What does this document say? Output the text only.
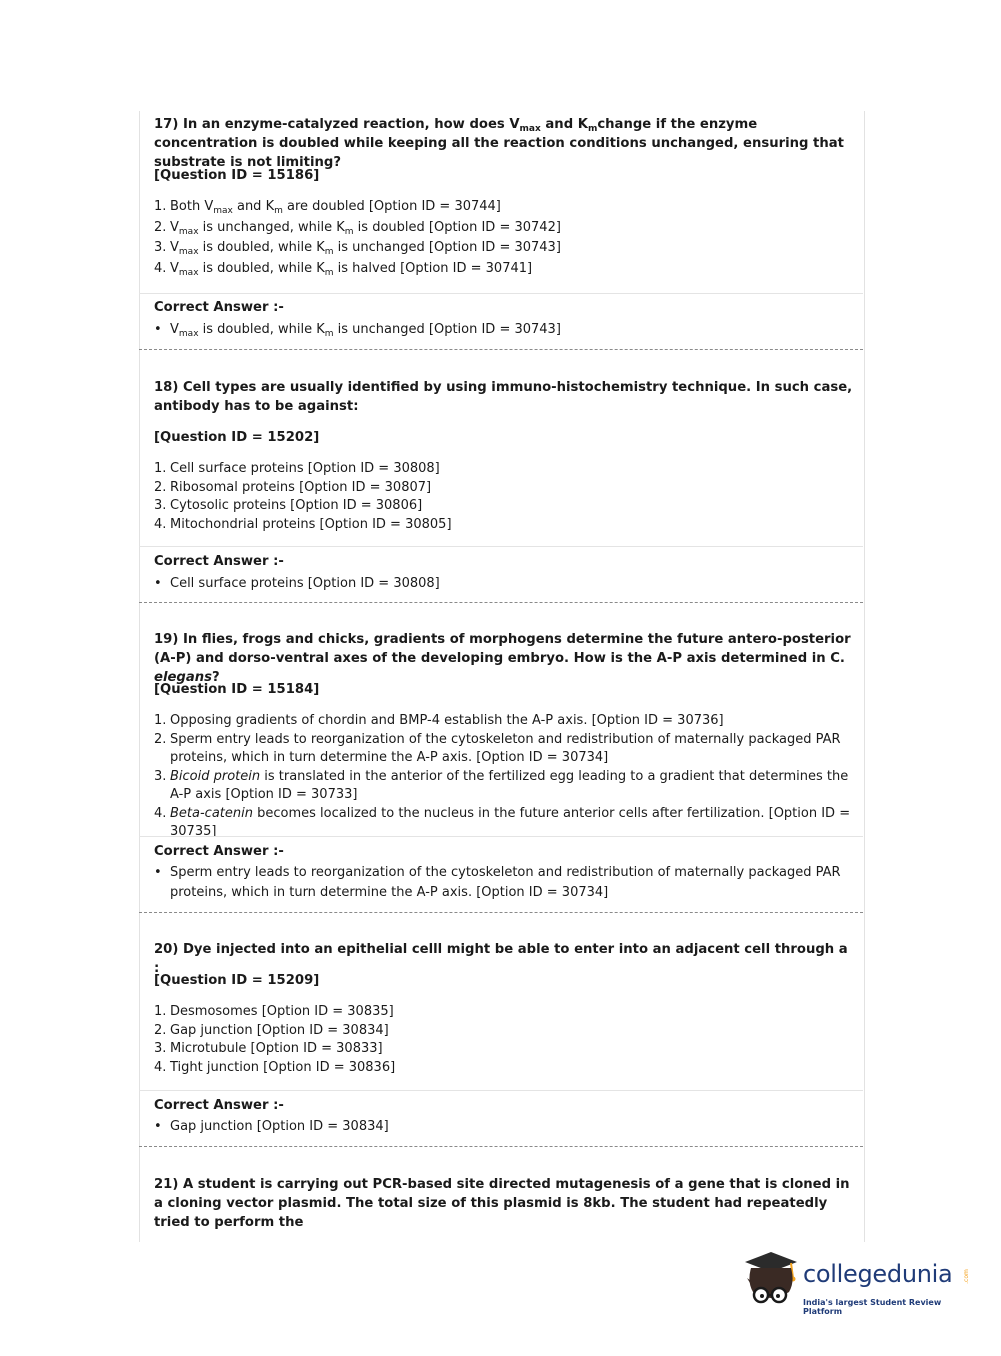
17) In an enzyme-catalyzed reaction, how does $V_{max}$ and $K_mchange$ if the enzyme concentration is doubled while keeping all the reaction conditions unchanged, ensuring that substrate is not limiting?
[Question ID = 15186]
1. Both $V_{max}$ and $K_m$ are doubled [Option ID = 30744]
2. $V_{max}$ is unchanged, while $K_m$ is doubled [Option ID = 30742]
3. $V_{max}$ is doubled, while $K_m$ is unchanged [Option ID = 30743]
4. $V_{max}$ is doubled, while $K_m$ is halved [Option ID = 30741]
Correct Answer :-
• $V_{max}$ is doubled, while $K_m$ is unchanged [Option ID = 30743]
18) Cell types are usually identified by using immuno-histochemistry technique. In such case, antibody has to be against:
[Question ID = 15202]
1. Cell surface proteins [Option ID = 30808]
2. Ribosomal proteins [Option ID = 30807]
3. Cytosolic proteins [Option ID = 30806]
4. Mitochondrial proteins [Option ID = 30805]
Correct Answer :-
• Cell surface proteins [Option ID = 30808]
19) In flies, frogs and chicks, gradients of morphogens determine the future antero-posterior (A-P) and dorso-ventral axes of the developing embryo. How is the A-P axis determined in C. elegans?
[Question ID = 15184]
1. Opposing gradients of chordin and BMP-4 establish the A-P axis. [Option ID = 30736]
2. Sperm entry leads to reorganization of the cytoskeleton and redistribution of maternally packaged PAR proteins, which in turn determine the A-P axis. [Option ID = 30734]
3. Bicoid protein is translated in the anterior of the fertilized egg leading to a gradient that determines the A-P axis [Option ID = 30733]
4. Beta-catenin becomes localized to the nucleus in the future anterior cells after fertilization. [Option ID = 30735]
Correct Answer :-
• Sperm entry leads to reorganization of the cytoskeleton and redistribution of maternally packaged PAR proteins, which in turn determine the A-P axis. [Option ID = 30734]
20) Dye injected into an epithelial celll might be able to enter into an adjacent cell through a :
[Question ID = 15209]
1. Desmosomes [Option ID = 30835]
2. Gap junction [Option ID = 30834]
3. Microtubule [Option ID = 30833]
4. Tight junction [Option ID = 30836]
Correct Answer :-
• Gap junction [Option ID = 30834]
21) A student is carrying out PCR-based site directed mutagenesis of a gene that is cloned in a cloning vector plasmid. The total size of this plasmid is 8kb. The student had repeatedly tried to perform the
collegedunia .com
India's largest Student Review Platform
